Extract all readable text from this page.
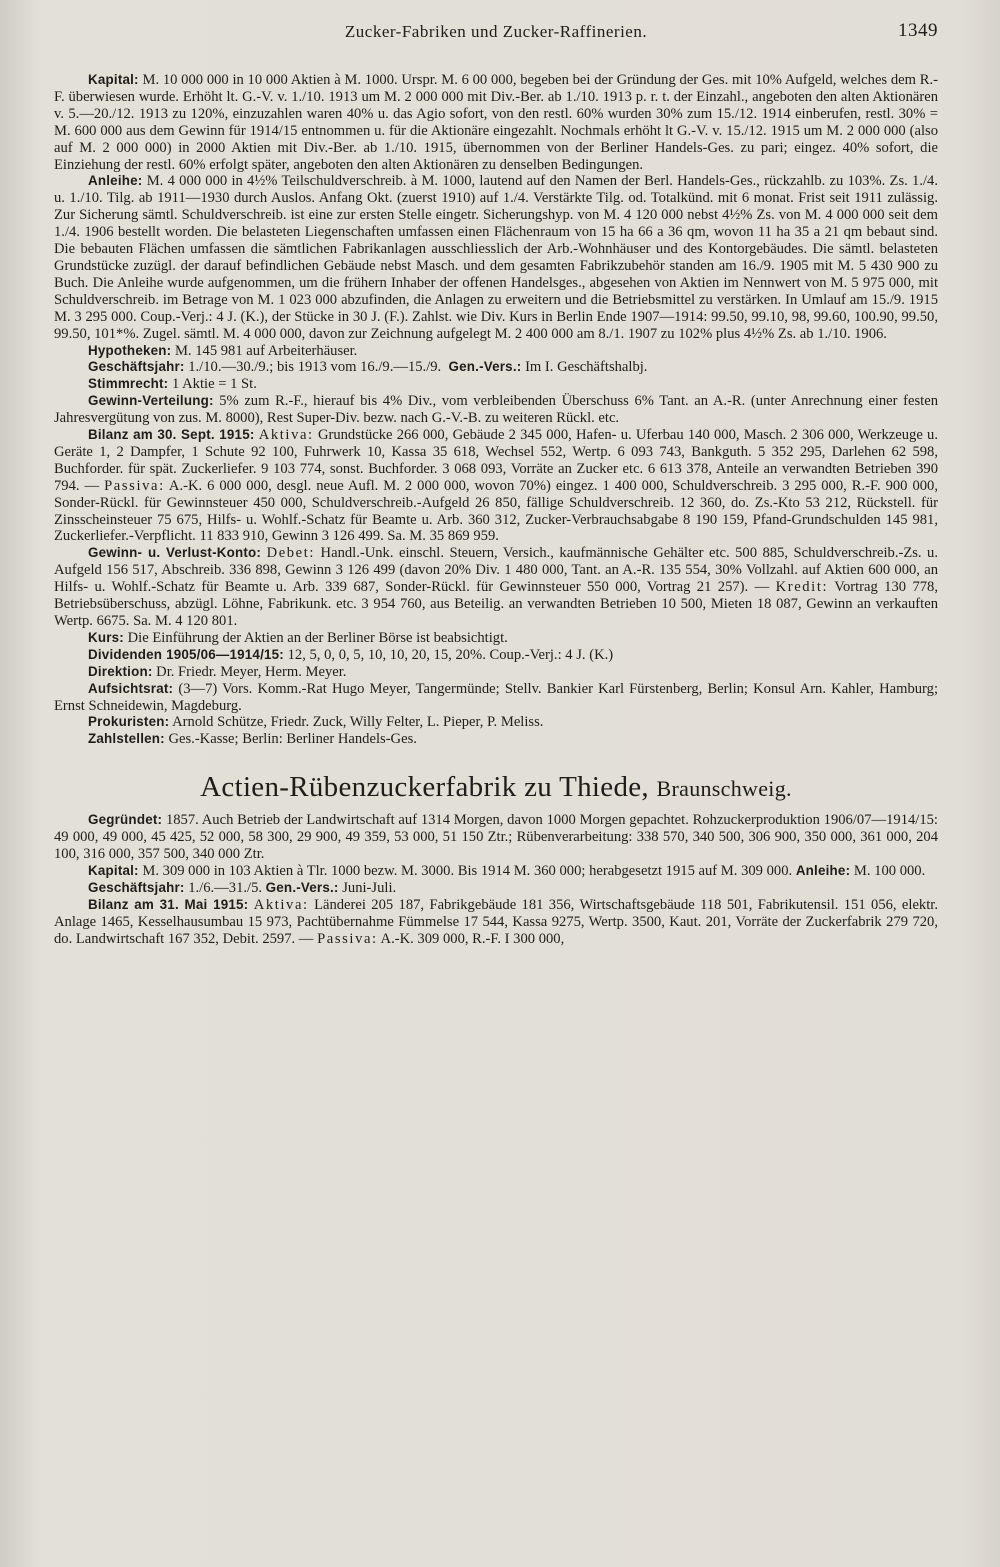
Zucker-Fabriken und Zucker-Raffinerien.	1349

Kapital: M. 10 000 000 in 10 000 Aktien à M. 1000. Urspr. M. 6 00 000, begeben bei der Gründung der Ges. mit 10% Aufgeld, welches dem R.-F. überwiesen wurde. Erhöht lt. G.-V. v. 1./10. 1913 um M. 2 000 000 mit Div.-Ber. ab 1./10. 1913 p. r. t. der Einzahl., angeboten den alten Aktionären v. 5.—20./12. 1913 zu 120%, einzuzahlen waren 40% u. das Agio sofort, von den restl. 60% wurden 30% zum 15./12. 1914 einberufen, restl. 30% = M. 600 000 aus dem Gewinn für 1914/15 entnommen u. für die Aktionäre eingezahlt. Nochmals erhöht lt G.-V. v. 15./12. 1915 um M. 2 000 000 (also auf M. 2 000 000) in 2000 Aktien mit Div.-Ber. ab 1./10. 1915, übernommen von der Berliner Handels-Ges. zu pari; eingez. 40% sofort, die Einziehung der restl. 60% erfolgt später, angeboten den alten Aktionären zu denselben Bedingungen.

Anleihe: M. 4 000 000 in 4½% Teilschuldverschreib. à M. 1000, lautend auf den Namen der Berl. Handels-Ges., rückzahlb. zu 103%. Zs. 1./4. u. 1./10. Tilg. ab 1911—1930 durch Auslos. Anfang Okt. (zuerst 1910) auf 1./4. Verstärkte Tilg. od. Totalkünd. mit 6 monat. Frist seit 1911 zulässig. Zur Sicherung sämtl. Schuldverschreib. ist eine zur ersten Stelle eingetr. Sicherungshyp. von M. 4 120 000 nebst 4½% Zs. von M. 4 000 000 seit dem 1./4. 1906 bestellt worden. Die belasteten Liegenschaften umfassen einen Flächenraum von 15 ha 66 a 36 qm, wovon 11 ha 35 a 21 qm bebaut sind. Die bebauten Flächen umfassen die sämtlichen Fabrikanlagen ausschliesslich der Arb.-Wohnhäuser und des Kontorgebäudes. Die sämtl. belasteten Grundstücke zuzügl. der darauf befindlichen Gebäude nebst Masch. und dem gesamten Fabrikzubehör standen am 16./9. 1905 mit M. 5 430 900 zu Buch. Die Anleihe wurde aufgenommen, um die frühern Inhaber der offenen Handelsges., abgesehen von Aktien im Nennwert von M. 5 975 000, mit Schuldverschreib. im Betrage von M. 1 023 000 abzufinden, die Anlagen zu erweitern und die Betriebsmittel zu verstärken. In Umlauf am 15./9. 1915 M. 3 295 000. Coup.-Verj.: 4 J. (K.), der Stücke in 30 J. (F.). Zahlst. wie Div. Kurs in Berlin Ende 1907—1914: 99.50, 99.10, 98, 99.60, 100.90, 99.50, 99.50, 101*%. Zugel. sämtl. M. 4 000 000, davon zur Zeichnung aufgelegt M. 2 400 000 am 8./1. 1907 zu 102% plus 4½% Zs. ab 1./10. 1906.

Hypotheken: M. 145 981 auf Arbeiterhäuser.

Geschäftsjahr: 1./10.—30./9.; bis 1913 vom 16./9.—15./9. Gen.-Vers.: Im I. Geschäftshalbj.

Stimmrecht: 1 Aktie = 1 St.

Gewinn-Verteilung: 5% zum R.-F., hierauf bis 4% Div., vom verbleibenden Überschuss 6% Tant. an A.-R. (unter Anrechnung einer festen Jahresvergütung von zus. M. 8000), Rest Super-Div. bezw. nach G.-V.-B. zu weiteren Rückl. etc.

Bilanz am 30. Sept. 1915: Aktiva: Grundstücke 266 000, Gebäude 2 345 000, Hafen- u. Uferbau 140 000, Masch. 2 306 000, Werkzeuge u. Geräte 1, 2 Dampfer, 1 Schute 92 100, Fuhrwerk 10, Kassa 35 618, Wechsel 552, Wertp. 6 093 743, Bankguth. 5 352 295, Darlehen 62 598, Buchforder. für spät. Zuckerliefer. 9 103 774, sonst. Buchforder. 3 068 093, Vorräte an Zucker etc. 6 613 378, Anteile an verwandten Betrieben 390 794. — Passiva: A.-K. 6 000 000, desgl. neue Aufl. M. 2 000 000, wovon 70%) eingez. 1 400 000, Schuldverschreib. 3 295 000, R.-F. 900 000, Sonder-Rückl. für Gewinnsteuer 450 000, Schuldverschreib.-Aufgeld 26 850, fällige Schuldverschreib. 12 360, do. Zs.-Kto 53 212, Rückstell. für Zinsscheinsteuer 75 675, Hilfs- u. Wohlf.-Schatz für Beamte u. Arb. 360 312, Zucker-Verbrauchsabgabe 8 190 159, Pfand-Grundschulden 145 981, Zuckerliefer.-Verpflicht. 11 833 910, Gewinn 3 126 499. Sa. M. 35 869 959.

Gewinn- u. Verlust-Konto: Debet: Handl.-Unk. einschl. Steuern, Versich., kaufmännische Gehälter etc. 500 885, Schuldverschreib.-Zs. u. Aufgeld 156 517, Abschreib. 336 898, Gewinn 3 126 499 (davon 20% Div. 1 480 000, Tant. an A.-R. 135 554, 30% Vollzahl. auf Aktien 600 000, an Hilfs- u. Wohlf.-Schatz für Beamte u. Arb. 339 687, Sonder-Rückl. für Gewinnsteuer 550 000, Vortrag 21 257). — Kredit: Vortrag 130 778, Betriebsüberschuss, abzügl. Löhne, Fabrikunk. etc. 3 954 760, aus Beteilig. an verwandten Betrieben 10 500, Mieten 18 087, Gewinn an verkauften Wertp. 6675. Sa. M. 4 120 801.

Kurs: Die Einführung der Aktien an der Berliner Börse ist beabsichtigt.

Dividenden 1905/06—1914/15: 12, 5, 0, 0, 5, 10, 10, 20, 15, 20%. Coup.-Verj.: 4 J. (K.)

Direktion: Dr. Friedr. Meyer, Herm. Meyer.

Aufsichtsrat: (3—7) Vors. Komm.-Rat Hugo Meyer, Tangermünde; Stellv. Bankier Karl Fürstenberg, Berlin; Konsul Arn. Kahler, Hamburg; Ernst Schneidewin, Magdeburg.

Prokuristen: Arnold Schütze, Friedr. Zuck, Willy Felter, L. Pieper, P. Meliss.

Zahlstellen: Ges.-Kasse; Berlin: Berliner Handels-Ges.

Actien-Rübenzuckerfabrik zu Thiede, Braunschweig.

Gegründet: 1857. Auch Betrieb der Landwirtschaft auf 1314 Morgen, davon 1000 Morgen gepachtet. Rohzuckerproduktion 1906/07—1914/15: 49 000, 49 000, 45 425, 52 000, 58 300, 29 900, 49 359, 53 000, 51 150 Ztr.; Rübenverarbeitung: 338 570, 340 500, 306 900, 350 000, 361 000, 204 100, 316 000, 357 500, 340 000 Ztr.

Kapital: M. 309 000 in 103 Aktien à Tlr. 1000 bezw. M. 3000. Bis 1914 M. 360 000; herabgesetzt 1915 auf M. 309 000. Anleihe: M. 100 000.

Geschäftsjahr: 1./6.—31./5. Gen.-Vers.: Juni-Juli.

Bilanz am 31. Mai 1915: Aktiva: Länderei 205 187, Fabrikgebäude 181 356, Wirtschaftsgebäude 118 501, Fabrikutensil. 151 056, elektr. Anlage 1465, Kesselhausumbau 15 973, Pachtübernahme Fümmelse 17 544, Kassa 9275, Wertp. 3500, Kaut. 201, Vorräte der Zuckerfabrik 279 720, do. Landwirtschaft 167 352, Debit. 2597. — Passiva: A.-K. 309 000, R.-F. I 300 000,
